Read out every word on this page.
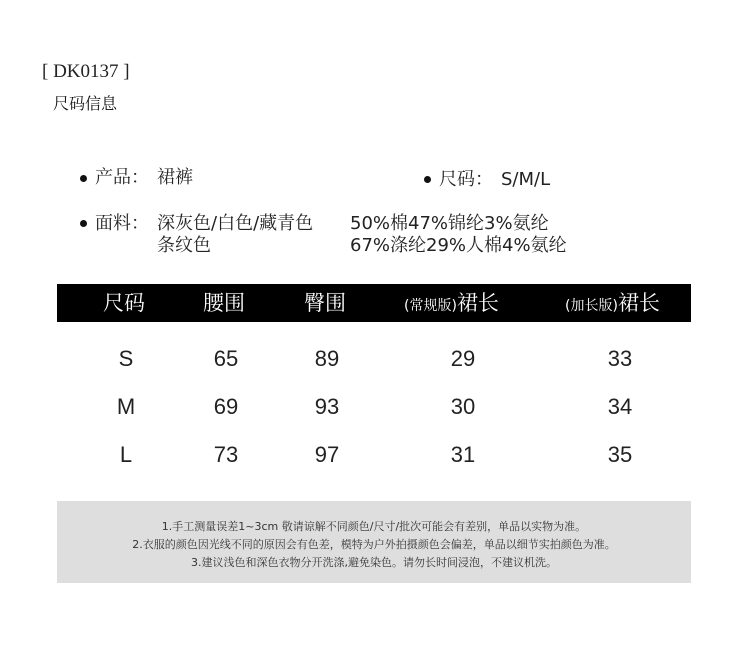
[ DK0137 ]
尺码信息
产品： 裙裤	尺码： S/M/L
面料： 深灰色/白色/藏青色 50%棉47%锦纶3%氨纶
条纹色	67%涤纶29%人棉4%氨纶
尺码	腰围	臀围	(常规版)裙长	(加长版)裙长
S	65	89	29	33
M	69	93	30	34
L	73	97	31	35
1.手工测量误差1~3cm 敬请谅解不同颜色/尺寸/批次可能会有差别，单品以实物为准。
2.衣服的颜色因光线不同的原因会有色差，模特为户外拍摄颜色会偏差，单品以细节实拍颜色为准。
3.建议浅色和深色衣物分开洗涤,避免染色。请勿长时间浸泡，不建议机洗。
